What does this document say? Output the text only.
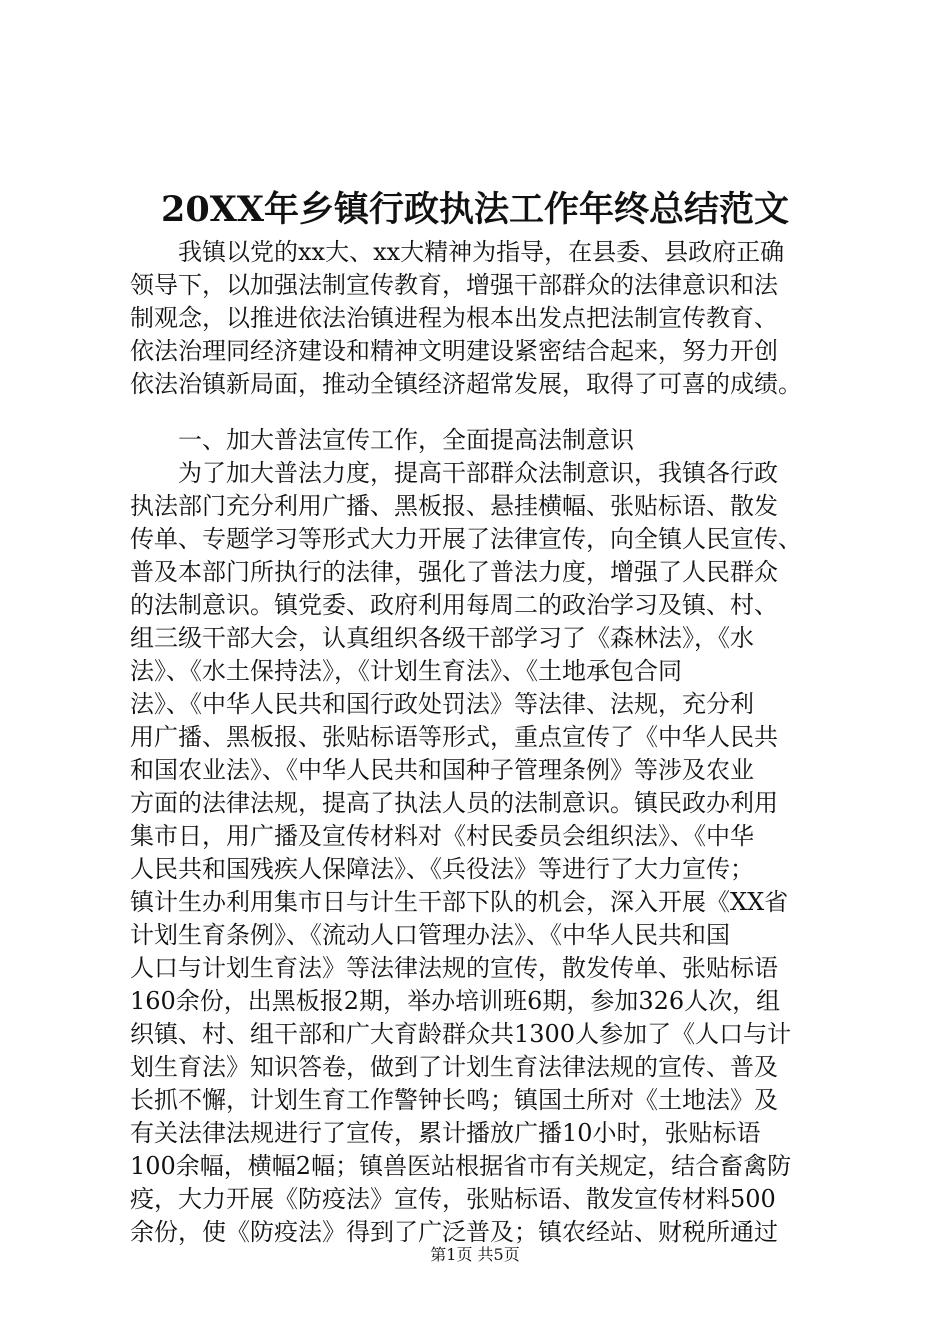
20XX年乡镇行政执法工作年终总结范文
　　我镇以党的xx大、xx大精神为指导，在县委、县政府正确
领导下，以加强法制宣传教育，增强干部群众的法律意识和法
制观念，以推进依法治镇进程为根本出发点把法制宣传教育、
依法治理同经济建设和精神文明建设紧密结合起来，努力开创
依法治镇新局面，推动全镇经济超常发展，取得了可喜的成绩。
　　一、加大普法宣传工作，全面提高法制意识
　　为了加大普法力度，提高干部群众法制意识，我镇各行政
执法部门充分利用广播、黑板报、悬挂横幅、张贴标语、散发
传单、专题学习等形式大力开展了法律宣传，向全镇人民宣传、
普及本部门所执行的法律，强化了普法力度，增强了人民群众
的法制意识。镇党委、政府利用每周二的政治学习及镇、村、
组三级干部大会，认真组织各级干部学习了《森林法》，《水
法》、《水土保持法》，《计划生育法》、《土地承包合同
法》、《中华人民共和国行政处罚法》等法律、法规，充分利
用广播、黑板报、张贴标语等形式，重点宣传了《中华人民共
和国农业法》、《中华人民共和国种子管理条例》等涉及农业
方面的法律法规，提高了执法人员的法制意识。镇民政办利用
集市日，用广播及宣传材料对《村民委员会组织法》、《中华
人民共和国残疾人保障法》、《兵役法》等进行了大力宣传；
镇计生办利用集市日与计生干部下队的机会，深入开展《XX省
计划生育条例》、《流动人口管理办法》、《中华人民共和国
人口与计划生育法》等法律法规的宣传，散发传单、张贴标语
160余份，出黑板报2期，举办培训班6期，参加326人次，组
织镇、村、组干部和广大育龄群众共1300人参加了《人口与计
划生育法》知识答卷，做到了计划生育法律法规的宣传、普及
长抓不懈，计划生育工作警钟长鸣；镇国土所对《土地法》及
有关法律法规进行了宣传，累计播放广播10小时，张贴标语
100余幅，横幅2幅；镇兽医站根据省市有关规定，结合畜禽防
疫，大力开展《防疫法》宣传，张贴标语、散发宣传材料500
余份，使《防疫法》得到了广泛普及；镇农经站、财税所通过
第1页 共5页
